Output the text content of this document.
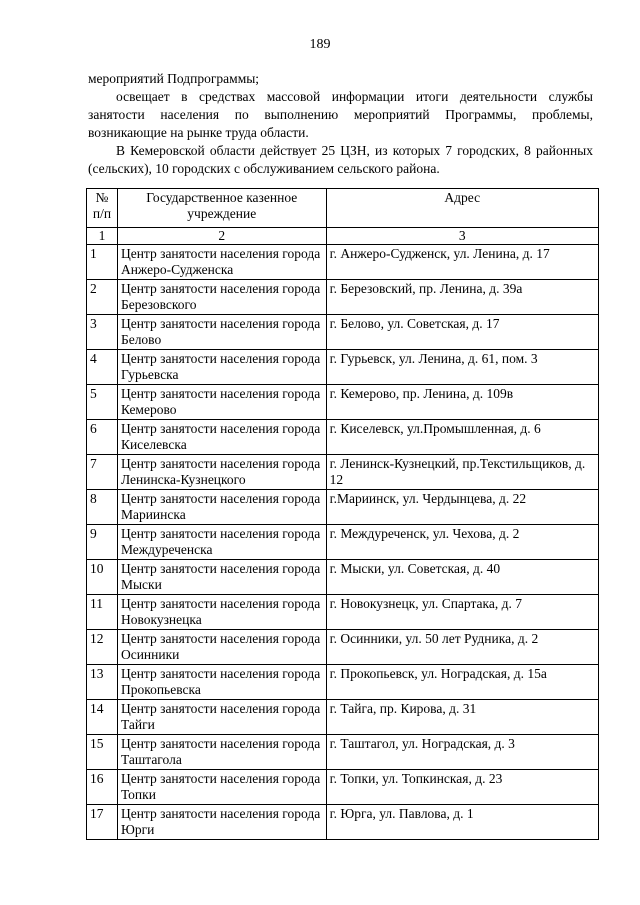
189
мероприятий Подпрограммы;
освещает в средствах массовой информации итоги деятельности службы занятости населения по выполнению мероприятий Программы, проблемы, возникающие на рынке труда области.
В Кемеровской области действует 25 ЦЗН, из которых 7 городских, 8 районных (сельских), 10 городских с обслуживанием сельского района.
№ п/п	Государственное казенное учреждение	Адрес
1	2	3
1	Центр занятости населения города Анжеро-Судженска	г. Анжеро-Судженск, ул. Ленина, д. 17
2	Центр занятости населения города Березовского	г. Березовский, пр. Ленина, д. 39а
3	Центр занятости населения города Белово	г. Белово, ул. Советская, д. 17
4	Центр занятости населения города Гурьевска	г. Гурьевск, ул. Ленина, д. 61, пом. 3
5	Центр занятости населения города Кемерово	г. Кемерово, пр. Ленина, д. 109в
6	Центр занятости населения города Киселевска	г. Киселевск, ул.Промышленная, д. 6
7	Центр занятости населения города Ленинска-Кузнецкого	г. Ленинск-Кузнецкий, пр.Текстильщиков, д. 12
8	Центр занятости населения города Мариинска	г.Мариинск, ул. Чердынцева, д. 22
9	Центр занятости населения города Междуреченска	г. Междуреченск, ул. Чехова, д. 2
10	Центр занятости населения города Мыски	г. Мыски, ул. Советская, д. 40
11	Центр занятости населения города Новокузнецка	г. Новокузнецк, ул. Спартака, д. 7
12	Центр занятости населения города Осинники	г. Осинники, ул. 50 лет Рудника, д. 2
13	Центр занятости населения города Прокопьевска	г. Прокопьевск, ул. Ноградская, д. 15а
14	Центр занятости населения города Тайги	г. Тайга, пр. Кирова, д. 31
15	Центр занятости населения города Таштагола	г. Таштагол, ул. Ноградская, д. 3
16	Центр занятости населения города Топки	г. Топки, ул. Топкинская, д. 23
17	Центр занятости населения города Юрги	г. Юрга, ул. Павлова, д. 1
